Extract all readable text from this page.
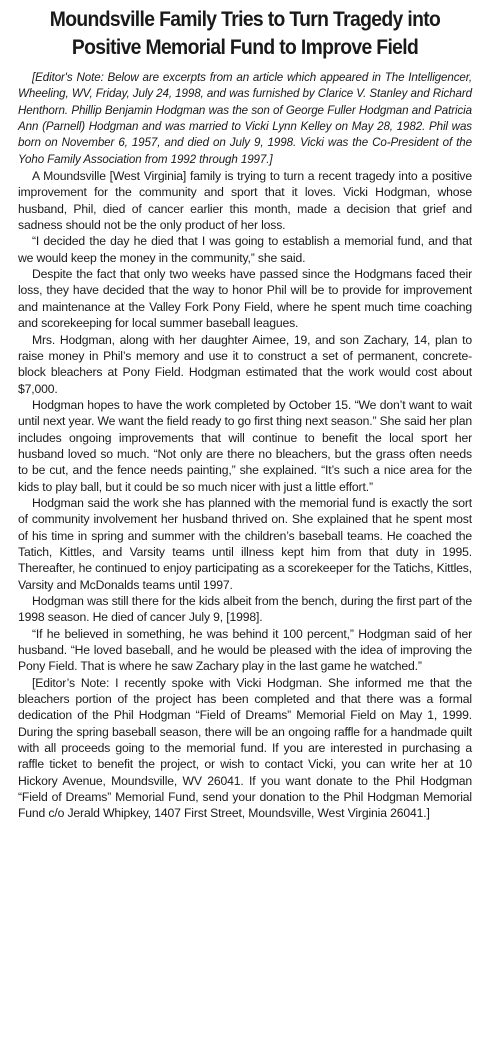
Moundsville Family Tries to Turn Tragedy into
Positive Memorial Fund to Improve Field

[Editor's Note: Below are excerpts from an article which appeared in The Intelligencer, Wheeling, WV, Friday, July 24, 1998, and was furnished by Clarice V. Stanley and Richard Henthorn. Phillip Benjamin Hodgman was the son of George Fuller Hodgman and Patricia Ann (Parnell) Hodgman and was married to Vicki Lynn Kelley on May 28, 1982. Phil was born on November 6, 1957, and died on July 9, 1998. Vicki was the Co-President of the Yoho Family Association from 1992 through 1997.]

A Moundsville [West Virginia] family is trying to turn a recent tragedy into a positive improvement for the community and sport that it loves. Vicki Hodgman, whose husband, Phil, died of cancer earlier this month, made a decision that grief and sadness should not be the only product of her loss.

“I decided the day he died that I was going to establish a memorial fund, and that we would keep the money in the community,” she said.

Despite the fact that only two weeks have passed since the Hodgmans faced their loss, they have decided that the way to honor Phil will be to provide for improvement and maintenance at the Valley Fork Pony Field, where he spent much time coaching and scorekeeping for local summer baseball leagues.

Mrs. Hodgman, along with her daughter Aimee, 19, and son Zachary, 14, plan to raise money in Phil’s memory and use it to construct a set of permanent, concrete-block bleachers at Pony Field. Hodgman estimated that the work would cost about $7,000.

Hodgman hopes to have the work completed by October 15. “We don’t want to wait until next year. We want the field ready to go first thing next season.” She said her plan includes ongoing improvements that will continue to benefit the local sport her husband loved so much. “Not only are there no bleachers, but the grass often needs to be cut, and the fence needs painting,” she explained. “It’s such a nice area for the kids to play ball, but it could be so much nicer with just a little effort.”

Hodgman said the work she has planned with the memorial fund is exactly the sort of community involvement her husband thrived on. She explained that he spent most of his time in spring and summer with the children’s baseball teams. He coached the Tatich, Kittles, and Varsity teams until illness kept him from that duty in 1995. Thereafter, he continued to enjoy participating as a scorekeeper for the Tatichs, Kittles, Varsity and McDonalds teams until 1997.

Hodgman was still there for the kids albeit from the bench, during the first part of the 1998 season. He died of cancer July 9, [1998].

“If he believed in something, he was behind it 100 percent,” Hodgman said of her husband. “He loved baseball, and he would be pleased with the idea of improving the Pony Field. That is where he saw Zachary play in the last game he watched.”

[Editor’s Note: I recently spoke with Vicki Hodgman. She informed me that the bleachers portion of the project has been completed and that there was a formal dedication of the Phil Hodgman “Field of Dreams” Memorial Field on May 1, 1999. During the spring baseball season, there will be an ongoing raffle for a handmade quilt with all proceeds going to the memorial fund. If you are interested in purchasing a raffle ticket to benefit the project, or wish to contact Vicki, you can write her at 10 Hickory Avenue, Moundsville, WV 26041. If you want donate to the Phil Hodgman “Field of Dreams” Memorial Fund, send your donation to the Phil Hodgman Memorial Fund c/o Jerald Whipkey, 1407 First Street, Moundsville, West Virginia 26041.]
